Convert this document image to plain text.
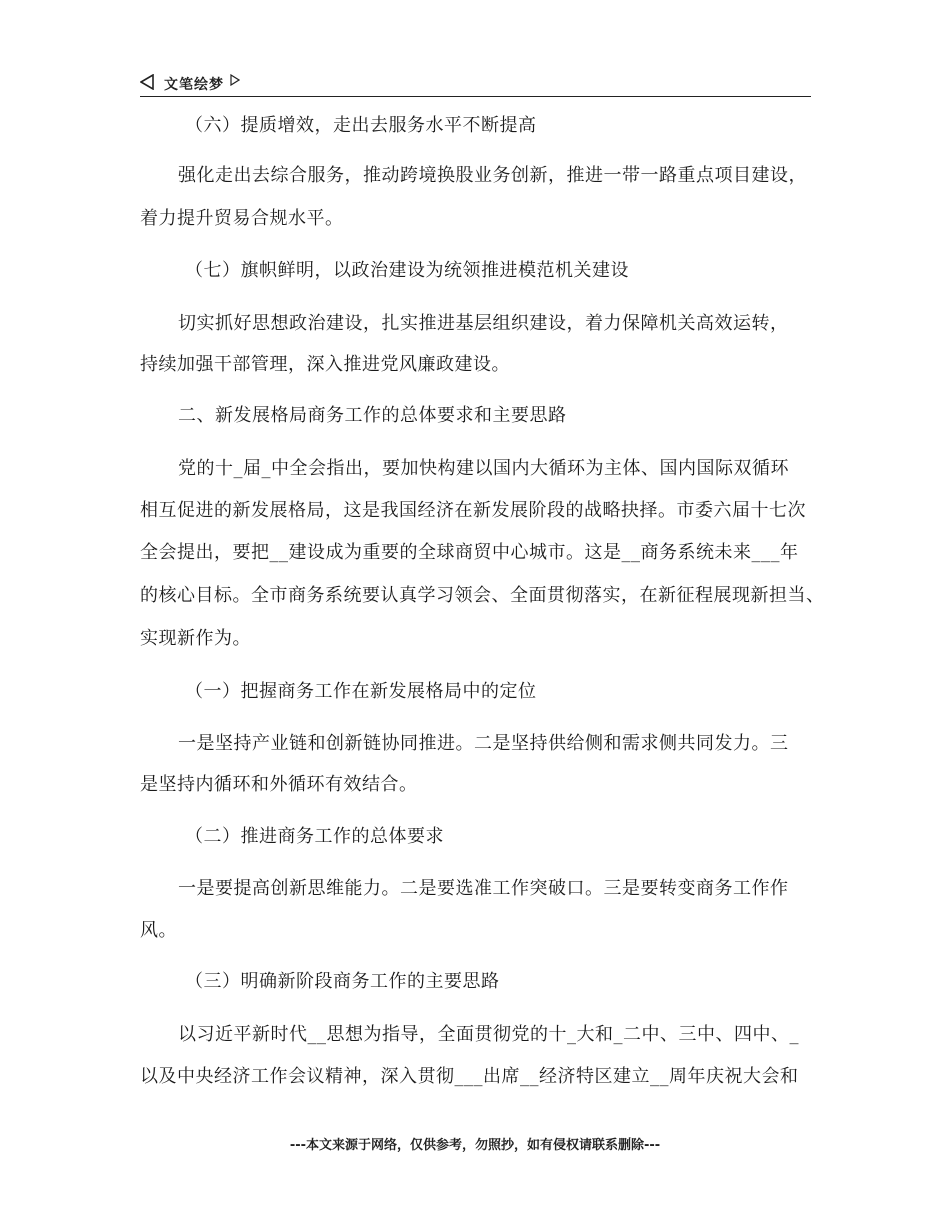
文笔绘梦
（六）提质增效，走出去服务水平不断提高
强化走出去综合服务，推动跨境换股业务创新，推进一带一路重点项目建设，
着力提升贸易合规水平。
（七）旗帜鲜明，以政治建设为统领推进模范机关建设
切实抓好思想政治建设，扎实推进基层组织建设，着力保障机关高效运转，
持续加强干部管理，深入推进党风廉政建设。
二、新发展格局商务工作的总体要求和主要思路
党的十_届_中全会指出，要加快构建以国内大循环为主体、国内国际双循环
相互促进的新发展格局，这是我国经济在新发展阶段的战略抉择。市委六届十七次
全会提出，要把__建设成为重要的全球商贸中心城市。这是__商务系统未来___年
的核心目标。全市商务系统要认真学习领会、全面贯彻落实，在新征程展现新担当、
实现新作为。
（一）把握商务工作在新发展格局中的定位
一是坚持产业链和创新链协同推进。二是坚持供给侧和需求侧共同发力。三
是坚持内循环和外循环有效结合。
（二）推进商务工作的总体要求
一是要提高创新思维能力。二是要选准工作突破口。三是要转变商务工作作
风。
（三）明确新阶段商务工作的主要思路
以习近平新时代__思想为指导，全面贯彻党的十_大和_二中、三中、四中、_
以及中央经济工作会议精神，深入贯彻___出席__经济特区建立__周年庆祝大会和
---本文来源于网络，仅供参考，勿照抄，如有侵权请联系删除---
